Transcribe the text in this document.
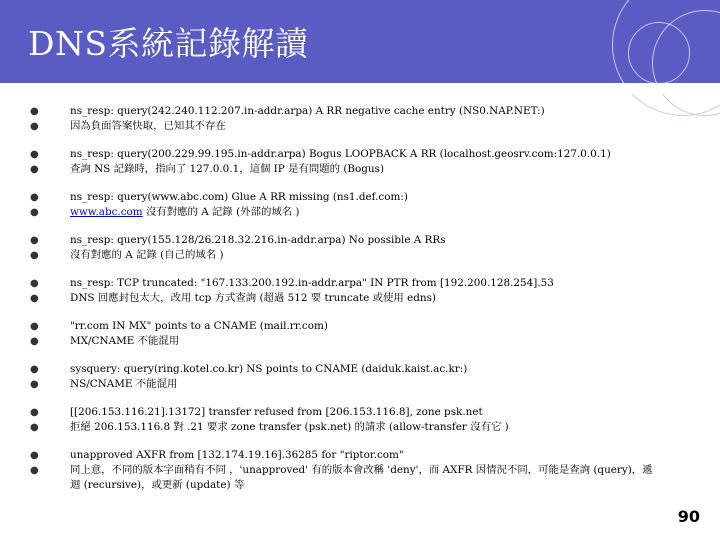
DNS系統記錄解讀
●	ns_resp: query(242.240.112.207.in-addr.arpa) A RR negative cache entry (NS0.NAP.NET:)
●	因為負面答案快取，已知其不存在
●	ns_resp: query(200.229.99.195.in-addr.arpa) Bogus LOOPBACK A RR (localhost.geosrv.com:127.0.0.1)
●	查詢 NS 記錄時，指向了 127.0.0.1，這個 IP 是有問題的 (Bogus)
●	ns_resp: query(www.abc.com) Glue A RR missing (ns1.def.com:)
●	www.abc.com 沒有對應的 A 記錄 (外部的域名 )
●	ns_resp: query(155.128/26.218.32.216.in-addr.arpa) No possible A RRs
●	沒有對應的 A 記錄 (自己的域名 )
●	ns_resp: TCP truncated: "167.133.200.192.in-addr.arpa" IN PTR from [192.200.128.254].53
●	DNS 回應封包太大，改用 tcp 方式查詢 (超過 512 要 truncate 或使用 edns)
●	"rr.com IN MX" points to a CNAME (mail.rr.com)
●	MX/CNAME 不能混用
●	sysquery: query(ring.kotel.co.kr) NS points to CNAME (daiduk.kaist.ac.kr:)
●	NS/CNAME 不能混用
●	[[206.153.116.21].13172] transfer refused from [206.153.116.8], zone psk.net
●	拒絕 206.153.116.8 對 .21 要求 zone transfer (psk.net) 的請求 (allow-transfer 沒有它 )
●	unapproved AXFR from [132.174.19.16].36285 for "riptor.com"
●	同上意，不同的版本字面稍有不同 ，'unapproved' 有的版本會改稱 'deny'，而 AXFR 因情況不同，可能是查詢 (query)，遞迴 (recursive)，或更新 (update) 等
90
